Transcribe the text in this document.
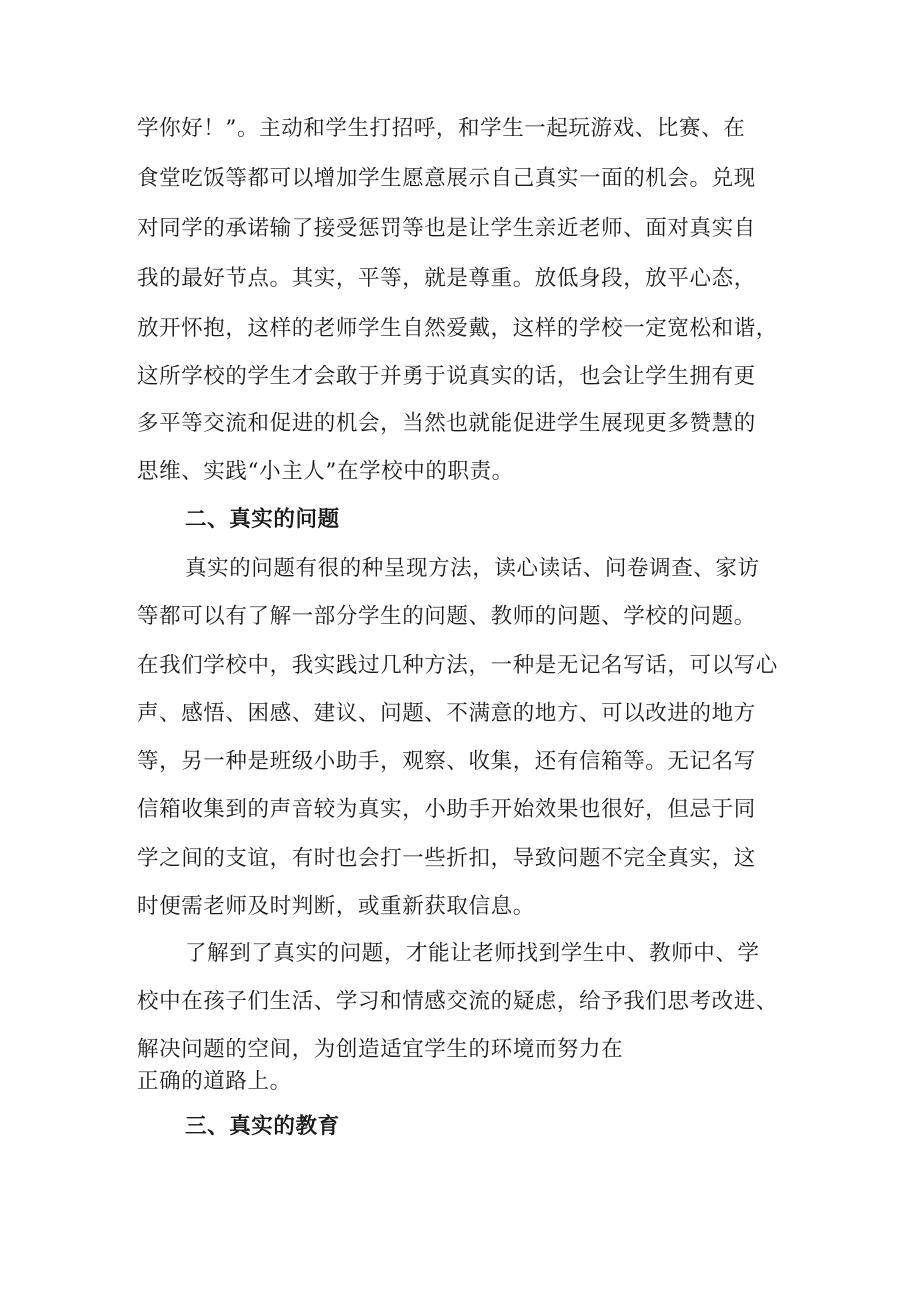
学你好！”。主动和学生打招呼，和学生一起玩游戏、比赛、在
食堂吃饭等都可以增加学生愿意展示自己真实一面的机会。兑现
对同学的承诺输了接受惩罚等也是让学生亲近老师、面对真实自
我的最好节点。其实，平等，就是尊重。放低身段，放平心态，
放开怀抱，这样的老师学生自然爱戴，这样的学校一定宽松和谐，
这所学校的学生才会敢于并勇于说真实的话，也会让学生拥有更
多平等交流和促进的机会，当然也就能促进学生展现更多赞慧的
思维、实践“小主人”在学校中的职责。
二、真实的问题
真实的问题有很的种呈现方法，读心读话、问卷调查、家访
等都可以有了解一部分学生的问题、教师的问题、学校的问题。
在我们学校中，我实践过几种方法，一种是无记名写话，可以写心
声、感悟、困感、建议、问题、不满意的地方、可以改进的地方
等，另一种是班级小助手，观察、收集，还有信箱等。无记名写
信箱收集到的声音较为真实，小助手开始效果也很好，但忌于同
学之间的支谊，有时也会打一些折扣，导致问题不完全真实，这
时便需老师及时判断，或重新获取信息。
了解到了真实的问题，才能让老师找到学生中、教师中、学
校中在孩子们生活、学习和情感交流的疑虑，给予我们思考改进、
解决问题的空间，为创造适宜学生的环境而努力在
正确的道路上。
三、真实的教育
